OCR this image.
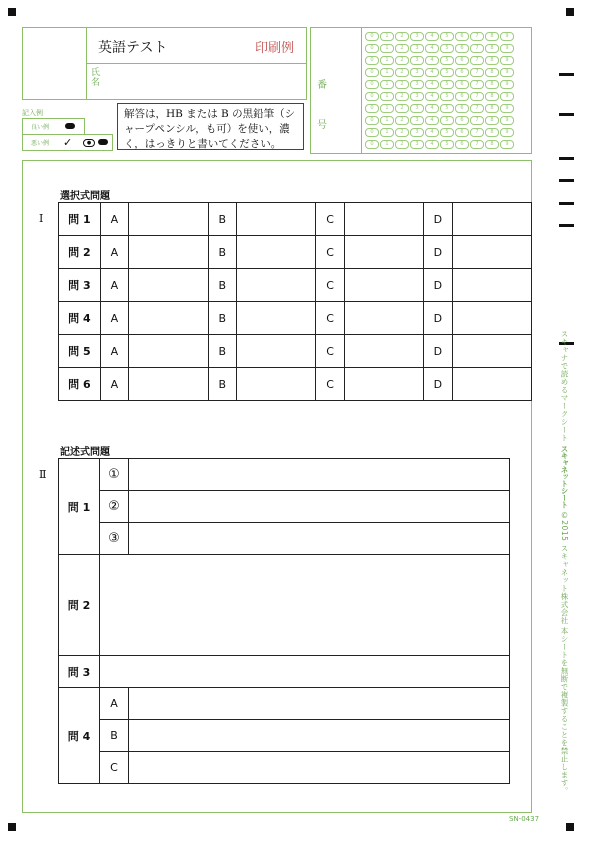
英語テスト	印刷例
氏
名	番
号
0	1	2	3	4	5	6	7	8	9
0	1	2	3	4	5	6	7	8	9
0	1	2	3	4	5	6	7	8	9
0	1	2	3	4	5	6	7	8	9
0	1	2	3	4	5	6	7	8	9
0	1	2	3	4	5	6	7	8	9
0	1	2	3	4	5	6	7	8	9
0	1	2	3	4	5	6	7	8	9
0	1	2	3	4	5	6	7	8	9
0	1	2	3	4	5	6	7	8	9
記入例
良い例
悪い例 ✓	●
解答は，HB または B の黒鉛筆（シャープペンシル，も可）を使い，濃く，はっきりと書いてください。
選択式問題
Ⅰ 問 1	A		B		C		D	
問 2	A		B		C		D	
問 3	A		B		C		D	
問 4	A		B		C		D	
問 5	A		B		C		D	
問 6	A		B		C		D	
記述式問題
Ⅱ
問 1	①	
	②	
	③	
問 2		
問 3		
問 4	A	
	B	
	C	
スキャナで読めるマークシート スキャネットシート ©2015 スキャネット株式会社 本シートを無断で複製することを禁止します。
SN-0437
